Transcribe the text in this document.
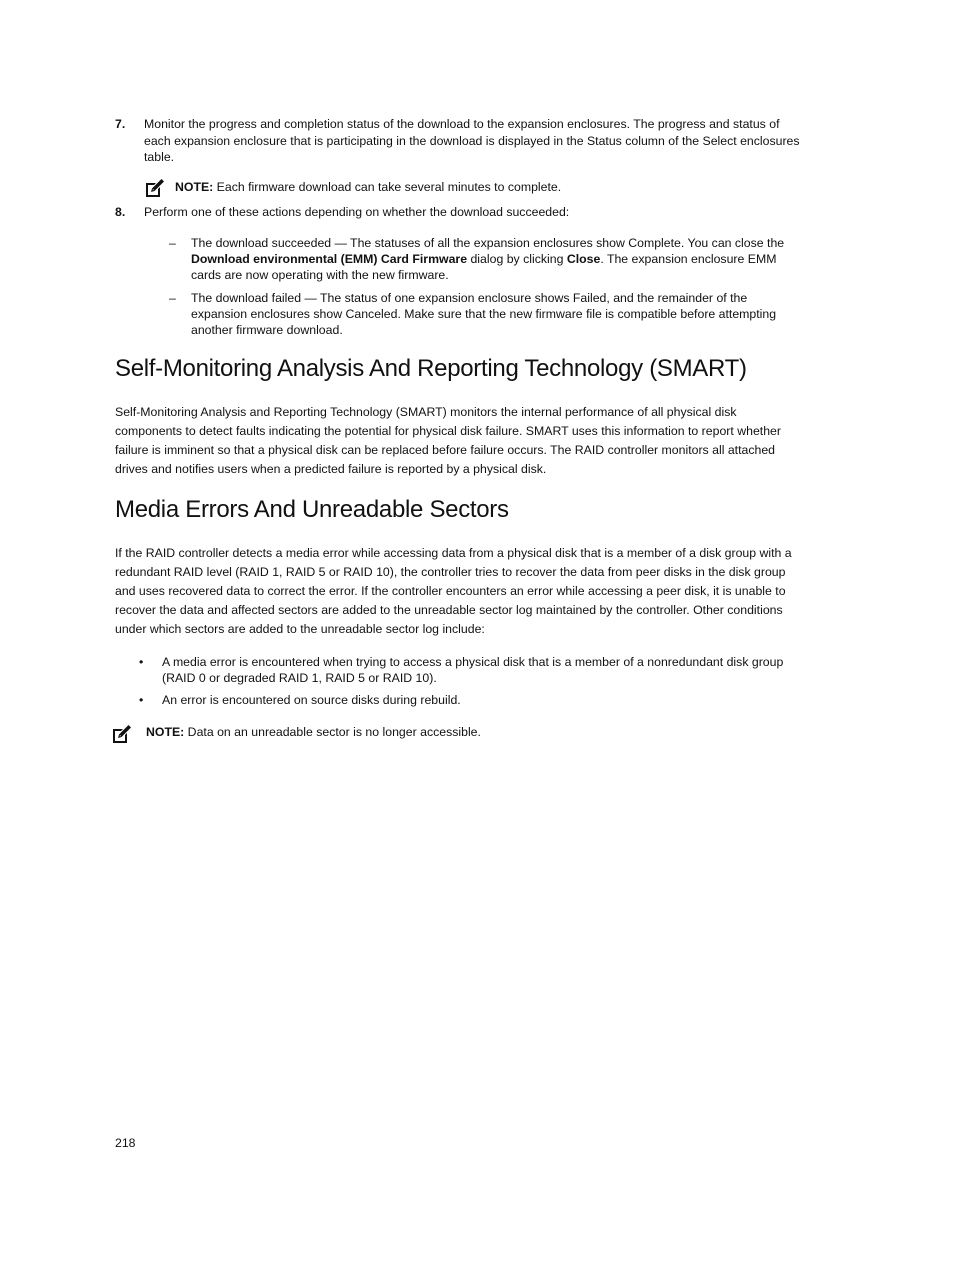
7. Monitor the progress and completion status of the download to the expansion enclosures. The progress and status of each expansion enclosure that is participating in the download is displayed in the Status column of the Select enclosures table.
NOTE: Each firmware download can take several minutes to complete.
8. Perform one of these actions depending on whether the download succeeded:
– The download succeeded — The statuses of all the expansion enclosures show Complete. You can close the Download environmental (EMM) Card Firmware dialog by clicking Close. The expansion enclosure EMM cards are now operating with the new firmware.
– The download failed — The status of one expansion enclosure shows Failed, and the remainder of the expansion enclosures show Canceled. Make sure that the new firmware file is compatible before attempting another firmware download.
Self-Monitoring Analysis And Reporting Technology (SMART)
Self-Monitoring Analysis and Reporting Technology (SMART) monitors the internal performance of all physical disk components to detect faults indicating the potential for physical disk failure. SMART uses this information to report whether failure is imminent so that a physical disk can be replaced before failure occurs. The RAID controller monitors all attached drives and notifies users when a predicted failure is reported by a physical disk.
Media Errors And Unreadable Sectors
If the RAID controller detects a media error while accessing data from a physical disk that is a member of a disk group with a redundant RAID level (RAID 1, RAID 5 or RAID 10), the controller tries to recover the data from peer disks in the disk group and uses recovered data to correct the error. If the controller encounters an error while accessing a peer disk, it is unable to recover the data and affected sectors are added to the unreadable sector log maintained by the controller. Other conditions under which sectors are added to the unreadable sector log include:
• A media error is encountered when trying to access a physical disk that is a member of a nonredundant disk group (RAID 0 or degraded RAID 1, RAID 5 or RAID 10).
• An error is encountered on source disks during rebuild.
NOTE: Data on an unreadable sector is no longer accessible.
218
